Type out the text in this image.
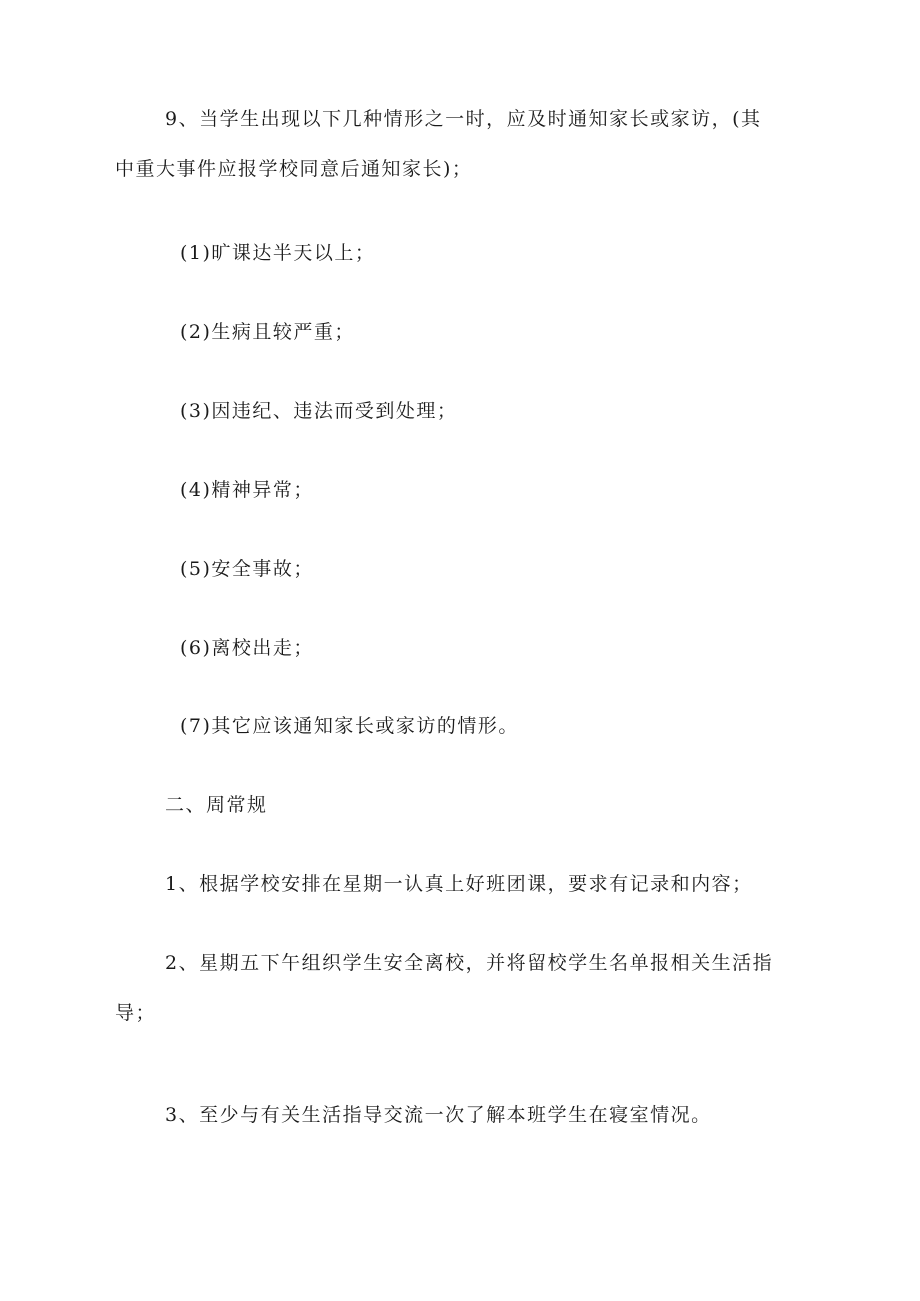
9、当学生出现以下几种情形之一时，应及时通知家长或家访，(其
中重大事件应报学校同意后通知家长)；

(1)旷课达半天以上；

(2)生病且较严重；

(3)因违纪、违法而受到处理；

(4)精神异常；

(5)安全事故；

(6)离校出走；

(7)其它应该通知家长或家访的情形。

二、周常规

1、根据学校安排在星期一认真上好班团课，要求有记录和内容；

2、星期五下午组织学生安全离校，并将留校学生名单报相关生活指
导；

3、至少与有关生活指导交流一次了解本班学生在寝室情况。
